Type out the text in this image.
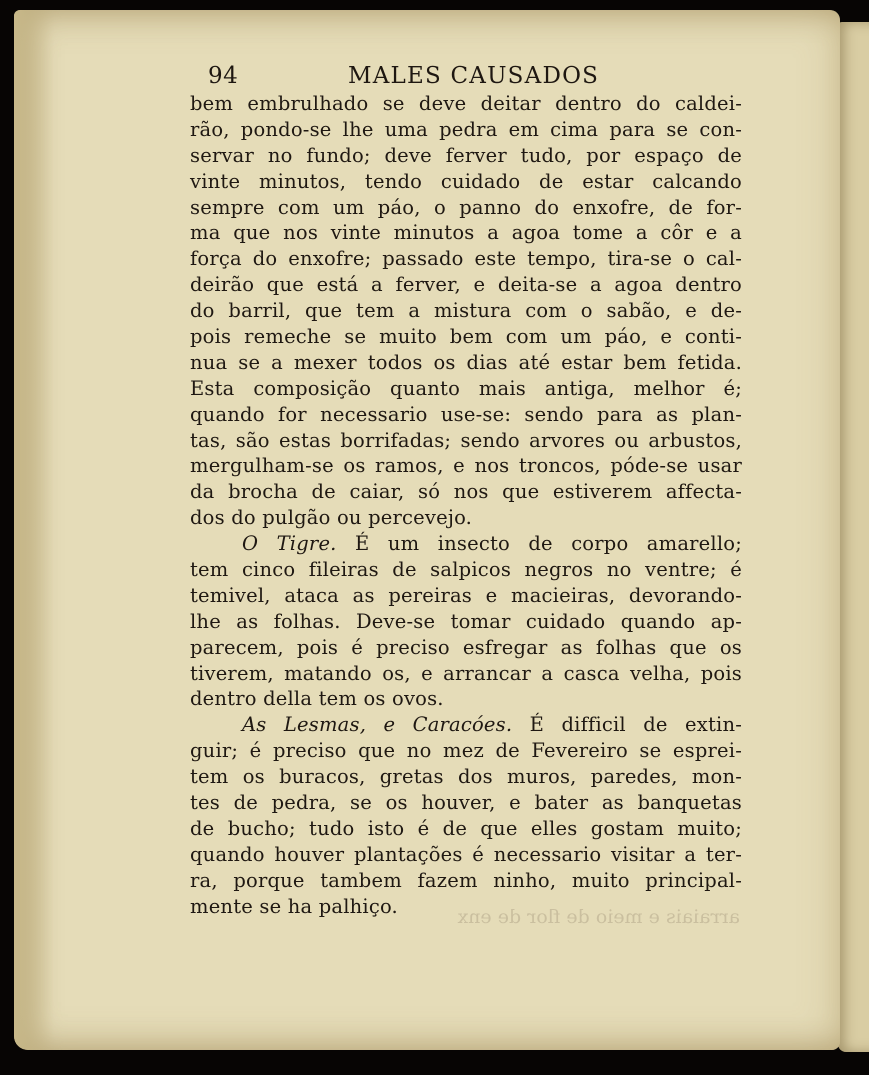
94	MALES CAUSADOS
bem embrulhado se deve deitar dentro do caldei-
rão, pondo-se lhe uma pedra em cima para se con-
servar no fundo; deve ferver tudo, por espaço de
vinte minutos, tendo cuidado de estar calcando
sempre com um páo, o panno do enxofre, de for-
ma que nos vinte minutos a agoa tome a côr e a
força do enxofre; passado este tempo, tira-se o cal-
deirão que está a ferver, e deita-se a agoa dentro
do barril, que tem a mistura com o sabão, e de-
pois remeche se muito bem com um páo, e conti-
nua se a mexer todos os dias até estar bem fetida.
Esta composição quanto mais antiga, melhor é;
quando for necessario use-se: sendo para as plan-
tas, são estas borrifadas; sendo arvores ou arbustos,
mergulham-se os ramos, e nos troncos, póde-se usar
da brocha de caiar, só nos que estiverem affecta-
dos do pulgão ou percevejo.
O Tigre. É um insecto de corpo amarello;
tem cinco fileiras de salpicos negros no ventre; é
temivel, ataca as pereiras e macieiras, devorando-
lhe as folhas. Deve-se tomar cuidado quando ap-
parecem, pois é preciso esfregar as folhas que os
tiverem, matando os, e arrancar a casca velha, pois
dentro della tem os ovos.
As Lesmas, e Caracóes. É difficil de extin-
guir; é preciso que no mez de Fevereiro se esprei-
tem os buracos, gretas dos muros, paredes, mon-
tes de pedra, se os houver, e bater as banquetas
de bucho; tudo isto é de que elles gostam muito;
quando houver plantações é necessario visitar a ter-
ra, porque tambem fazem ninho, muito principal-
mente se ha palhiço.	arraiais e meio de flor de enx
